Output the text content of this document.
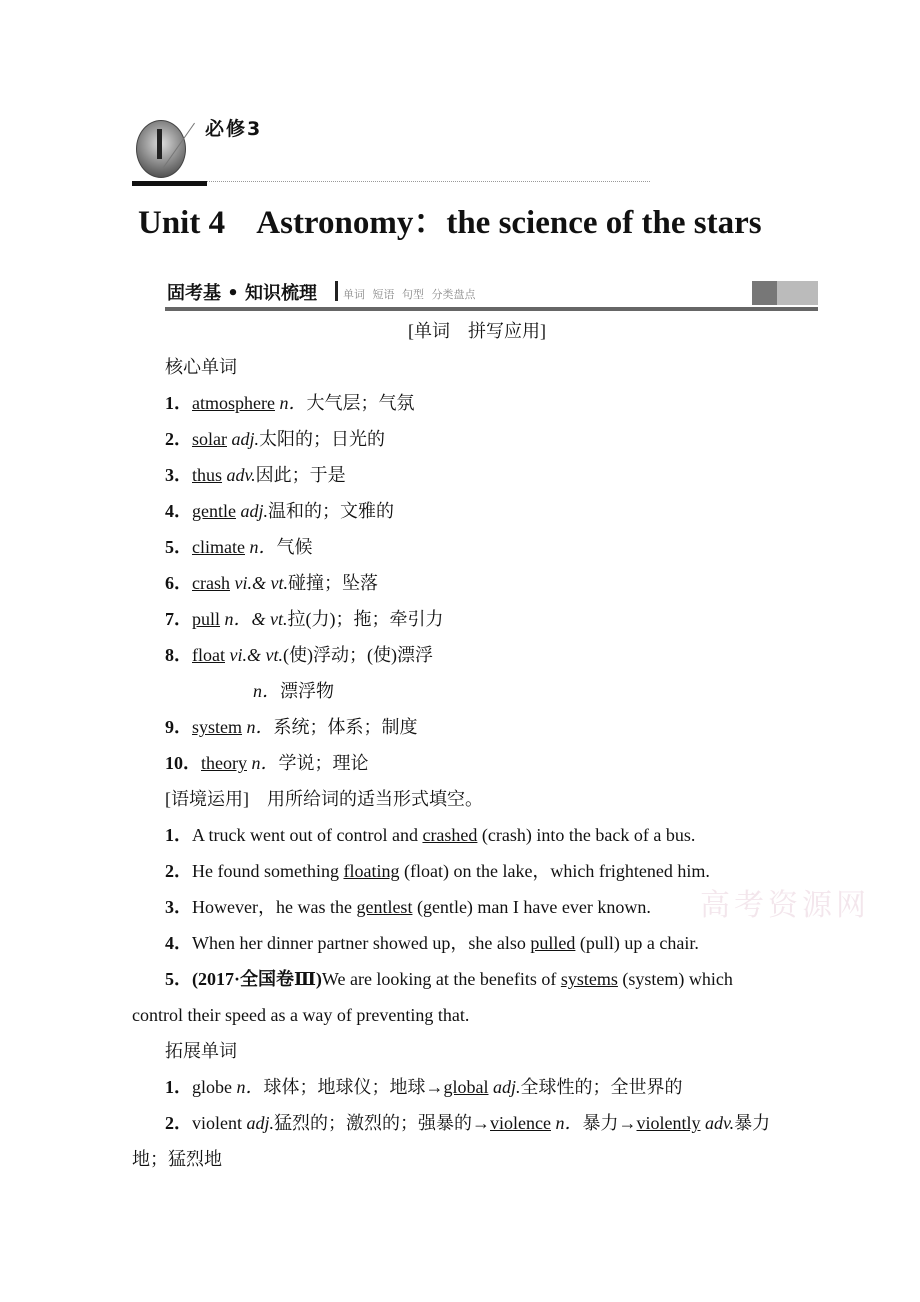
必修3
Unit 4    Astronomy：the science of the stars
固考基 • 知识梳理 单词 短语 句型 分类盘点
高考资源网
[单词　拼写应用]
核心单词
1．atmosphere n．大气层；气氛
2．solar adj.太阳的；日光的
3．thus adv.因此；于是
4．gentle adj.温和的；文雅的
5．climate n．气候
6．crash vi.& vt.碰撞；坠落
7．pull n．& vt.拉(力)；拖；牵引力
8．float vi.& vt.(使)浮动；(使)漂浮
n．漂浮物
9．system n．系统；体系；制度
10．theory n．学说；理论
[语境运用]　 用所给词的适当形式填空。
1．A truck went out of control and crashed (crash) into the back of a bus.
2．He found something floating (float) on the lake，which frightened him.
3．However，he was the gentlest (gentle) man I have ever known.
4．When her dinner partner showed up，she also pulled (pull) up a chair.
5．(2017·全国卷Ⅲ)We are looking at the benefits of systems (system) which
control their speed as a way of preventing that.
拓展单词
1．globe n．球体；地球仪；地球→global adj.全球性的；全世界的
2．violent adj.猛烈的；激烈的；强暴的→violence n．暴力→violently adv.暴力
地；猛烈地
